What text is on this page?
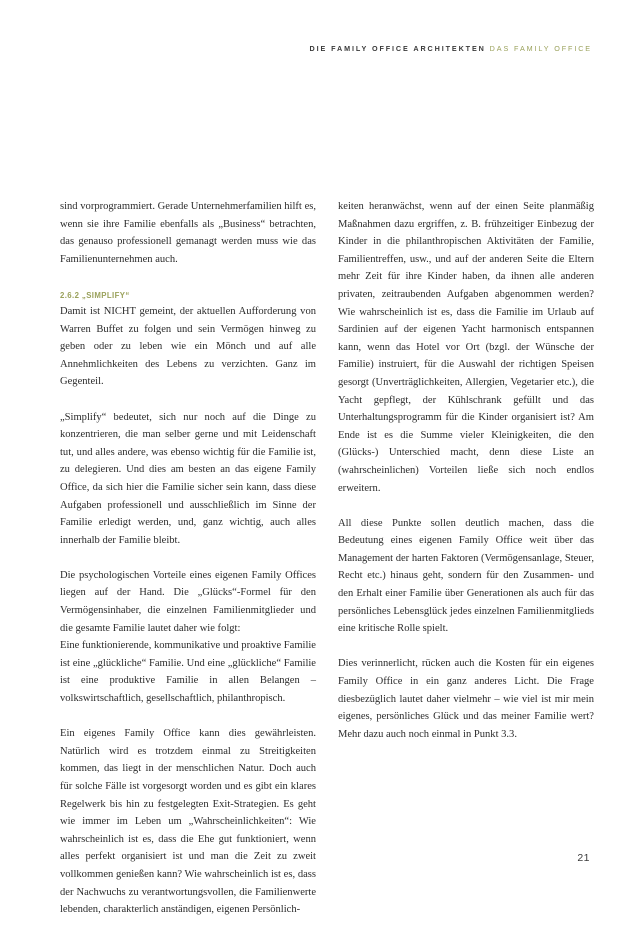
DIE FAMILY OFFICE ARCHITEKTEN DAS FAMILY OFFICE

sind vorprogrammiert. Gerade Unternehmerfamilien hilft es, wenn sie ihre Familie ebenfalls als „Business“ betrachten, das genauso professionell gemanagt werden muss wie das Familienunternehmen auch.

2.6.2 „SIMPLIFY“

Damit ist NICHT gemeint, der aktuellen Aufforderung von Warren Buffet zu folgen und sein Vermögen hinweg zu geben oder zu leben wie ein Mönch und auf alle Annehmlichkeiten des Lebens zu verzichten. Ganz im Gegenteil.

„Simplify“ bedeutet, sich nur noch auf die Dinge zu konzentrieren, die man selber gerne und mit Leidenschaft tut, und alles andere, was ebenso wichtig für die Familie ist, zu delegieren. Und dies am besten an das eigene Family Office, da sich hier die Familie sicher sein kann, dass diese Aufgaben professionell und ausschließlich im Sinne der Familie erledigt werden, und, ganz wichtig, auch alles innerhalb der Familie bleibt.

Die psychologischen Vorteile eines eigenen Family Offices liegen auf der Hand. Die „Glücks“-Formel für den Vermögensinhaber, die einzelnen Familienmitglieder und die gesamte Familie lautet daher wie folgt:

Eine funktionierende, kommunikative und proaktive Familie ist eine „glückliche“ Familie. Und eine „glückliche“ Familie ist eine produktive Familie in allen Belangen – volkswirtschaftlich, gesellschaftlich, philanthropisch.

Ein eigenes Family Office kann dies gewährleisten. Natürlich wird es trotzdem einmal zu Streitigkeiten kommen, das liegt in der menschlichen Natur. Doch auch für solche Fälle ist vorgesorgt worden und es gibt ein klares Regelwerk bis hin zu festgelegten Exit-Strategien. Es geht wie immer im Leben um „Wahrscheinlichkeiten“: Wie wahrscheinlich ist es, dass die Ehe gut funktioniert, wenn alles perfekt organisiert ist und man die Zeit zu zweit vollkommen genießen kann? Wie wahrscheinlich ist es, dass der Nachwuchs zu verantwortungsvollen, die Familienwerte lebenden, charakterlich anständigen, eigenen Persönlich-

keiten heranwächst, wenn auf der einen Seite planmäßig Maßnahmen dazu ergriffen, z. B. frühzeitiger Einbezug der Kinder in die philanthropischen Aktivitäten der Familie, Familientreffen, usw., und auf der anderen Seite die Eltern mehr Zeit für ihre Kinder haben, da ihnen alle anderen privaten, zeitraubenden Aufgaben abgenommen werden? Wie wahrscheinlich ist es, dass die Familie im Urlaub auf Sardinien auf der eigenen Yacht harmonisch entspannen kann, wenn das Hotel vor Ort (bzgl. der Wünsche der Familie) instruiert, für die Auswahl der richtigen Speisen gesorgt (Unverträglichkeiten, Allergien, Vegetarier etc.), die Yacht gepflegt, der Kühlschrank gefüllt und das Unterhaltungsprogramm für die Kinder organisiert ist? Am Ende ist es die Summe vieler Kleinigkeiten, die den (Glücks-) Unterschied macht, denn diese Liste an (wahrscheinlichen) Vorteilen ließe sich noch endlos erweitern.

All diese Punkte sollen deutlich machen, dass die Bedeutung eines eigenen Family Office weit über das Management der harten Faktoren (Vermögensanlage, Steuer, Recht etc.) hinaus geht, sondern für den Zusammen- und den Erhalt einer Familie über Generationen als auch für das persönliches Lebensglück jedes einzelnen Familienmitglieds eine kritische Rolle spielt.

Dies verinnerlicht, rücken auch die Kosten für ein eigenes Family Office in ein ganz anderes Licht. Die Frage diesbezüglich lautet daher vielmehr – wie viel ist mir mein eigenes, persönliches Glück und das meiner Familie wert? Mehr dazu auch noch einmal in Punkt 3.3.

21
